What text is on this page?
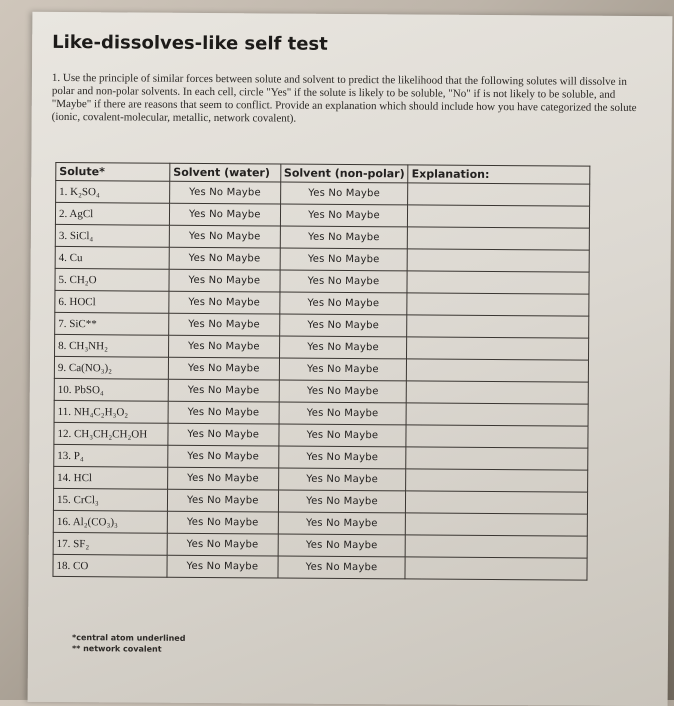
Like-dissolves-like self test
1. Use the principle of similar forces between solute and solvent to predict the likelihood that the following solutes will dissolve in polar and non-polar solvents. In each cell, circle "Yes" if the solute is likely to be soluble, "No" if is not likely to be soluble, and "Maybe" if there are reasons that seem to conflict. Provide an explanation which should include how you have categorized the solute (ionic, covalent-molecular, metallic, network covalent).
Solute*	Solvent (water)	Solvent (non-polar)	Explanation:
1. K₂SO₄	Yes No Maybe	Yes No Maybe	
2. AgCl	Yes No Maybe	Yes No Maybe	
3. SiCl₄	Yes No Maybe	Yes No Maybe	
4. Cu	Yes No Maybe	Yes No Maybe	
5. CH₂O	Yes No Maybe	Yes No Maybe	
6. HOCl	Yes No Maybe	Yes No Maybe	
7. SiC**	Yes No Maybe	Yes No Maybe	
8. CH₃NH₂	Yes No Maybe	Yes No Maybe	
9. Ca(NO₃)₂	Yes No Maybe	Yes No Maybe	
10. PbSO₄	Yes No Maybe	Yes No Maybe	
11. NH₄C₂H₃O₂	Yes No Maybe	Yes No Maybe	
12. CH₃CH₂CH₂OH	Yes No Maybe	Yes No Maybe	
13. P₄	Yes No Maybe	Yes No Maybe	
14. HCl	Yes No Maybe	Yes No Maybe	
15. CrCl₃	Yes No Maybe	Yes No Maybe	
16. Al₂(CO₃)₃	Yes No Maybe	Yes No Maybe	
17. SF₂	Yes No Maybe	Yes No Maybe	
18. CO	Yes No Maybe	Yes No Maybe	
*central atom underlined
** network covalent
